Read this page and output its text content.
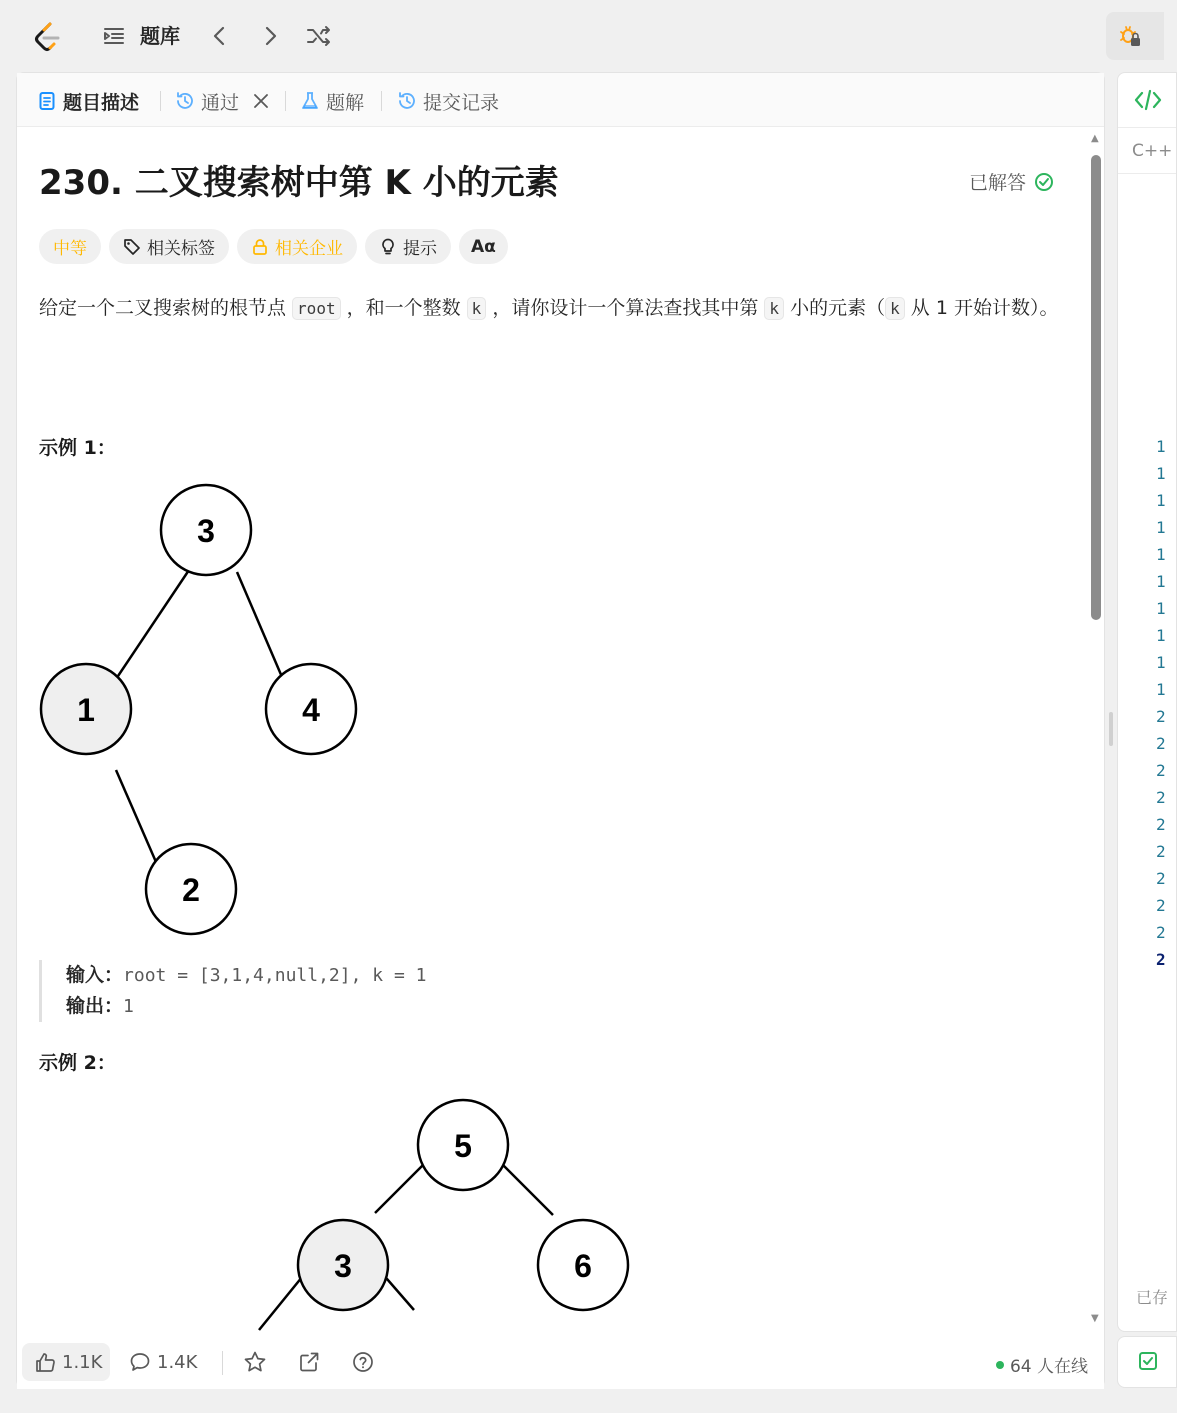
题库
题目描述	通过	题解	提交记录
230. 二叉搜索树中第 K 小的元素	已解答
中等	相关标签	相关企业	提示 Aα
给定一个二叉搜索树的根节点 root ，和一个整数 k ，请你设计一个算法查找其中第 k 小的元素（ k 从 1 开始计数）。
示例 1：
3
1	4
2
输入：root = [3,1,4,null,2], k = 1
输出：1
示例 2：
5
3	6
▲
▼
1.1K	1.4K	64 人在线
C++
1
1
1
1
1
1
1
1
1
1
2
2
2
2
2
2
2
2
2
2
已存
